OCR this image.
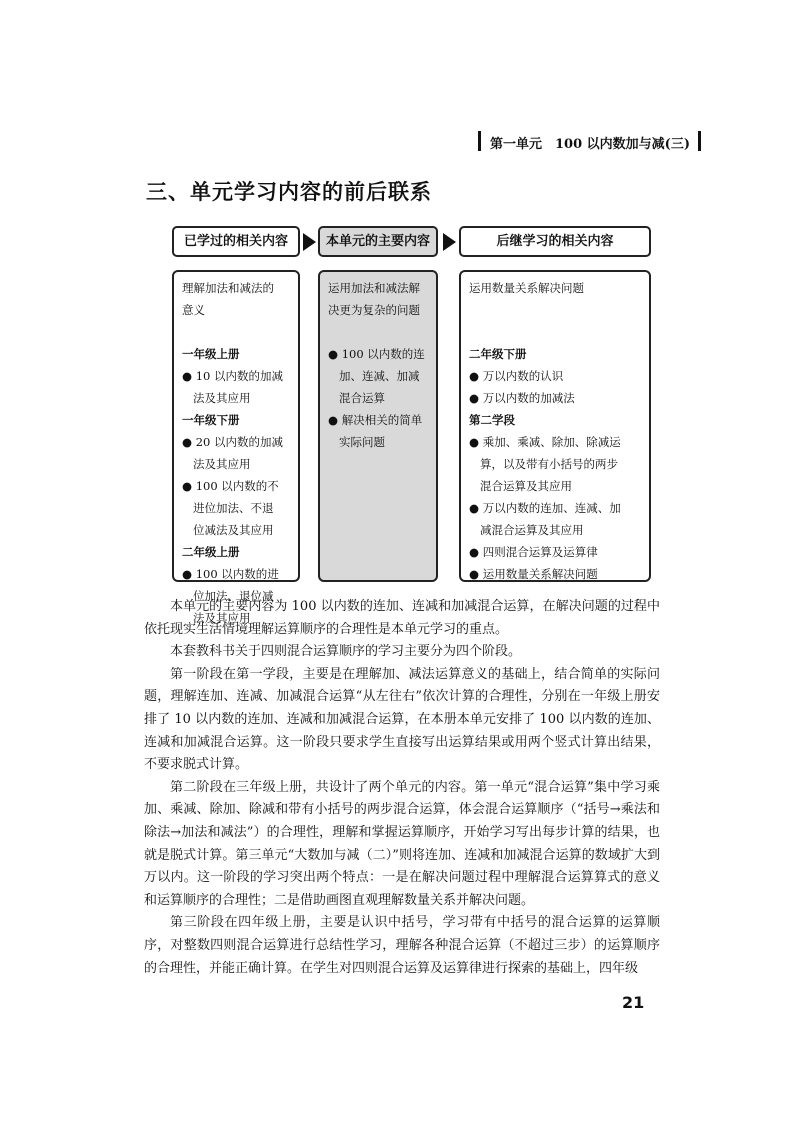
第一单元　100 以内数加与减(三)
三、单元学习内容的前后联系
已学过的相关内容	本单元的主要内容	后继学习的相关内容
理解加法和减法的
意义
一年级上册
● 10 以内数的加减
法及其应用
一年级下册
● 20 以内数的加减
法及其应用
● 100 以内数的不
进位加法、不退
位减法及其应用
二年级上册
● 100 以内数的进
位加法、退位减
法及其应用
运用加法和减法解
决更为复杂的问题
● 100 以内数的连
加、连减、加减
混合运算
● 解决相关的简单
实际问题
运用数量关系解决问题
二年级下册
● 万以内数的认识
● 万以内数的加减法
第二学段
● 乘加、乘减、除加、除减运
算，以及带有小括号的两步
混合运算及其应用
● 万以内数的连加、连减、加
减混合运算及其应用
● 四则混合运算及运算律
● 运用数量关系解决问题

本单元的主要内容为 100 以内数的连加、连减和加减混合运算，在解决问题的过程中依托现实生活情境理解运算顺序的合理性是本单元学习的重点。

本套教科书关于四则混合运算顺序的学习主要分为四个阶段。

第一阶段在第一学段，主要是在理解加、减法运算意义的基础上，结合简单的实际问题，理解连加、连减、加减混合运算“从左往右”依次计算的合理性，分别在一年级上册安排了 10 以内数的连加、连减和加减混合运算，在本册本单元安排了 100 以内数的连加、连减和加减混合运算。这一阶段只要求学生直接写出运算结果或用两个竖式计算出结果，不要求脱式计算。

第二阶段在三年级上册，共设计了两个单元的内容。第一单元“混合运算”集中学习乘加、乘减、除加、除减和带有小括号的两步混合运算，体会混合运算顺序（“括号→乘法和除法→加法和减法”）的合理性，理解和掌握运算顺序，开始学习写出每步计算的结果，也就是脱式计算。第三单元“大数加与减（二）”则将连加、连减和加减混合运算的数域扩大到万以内。这一阶段的学习突出两个特点：一是在解决问题过程中理解混合运算算式的意义和运算顺序的合理性；二是借助画图直观理解数量关系并解决问题。

第三阶段在四年级上册，主要是认识中括号，学习带有中括号的混合运算的运算顺序，对整数四则混合运算进行总结性学习，理解各种混合运算（不超过三步）的运算顺序的合理性，并能正确计算。在学生对四则混合运算及运算律进行探索的基础上，四年级

21
